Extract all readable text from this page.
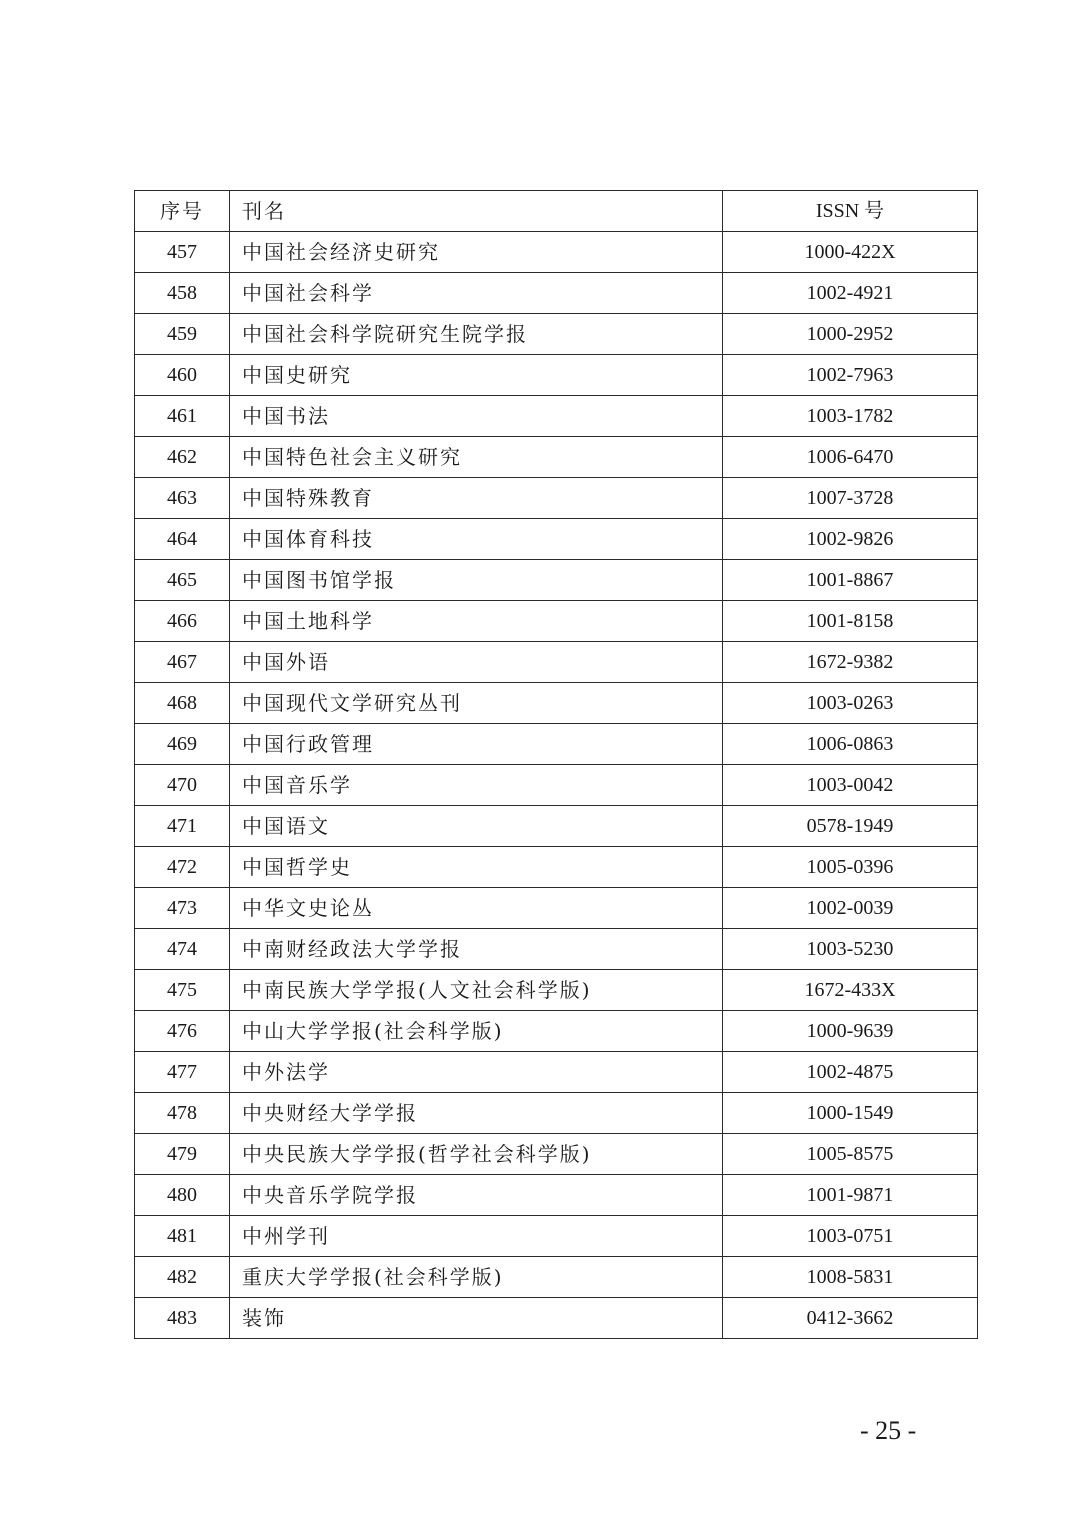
序号	刊名	ISSN 号
457	中国社会经济史研究	1000-422X
458	中国社会科学	1002-4921
459	中国社会科学院研究生院学报	1000-2952
460	中国史研究	1002-7963
461	中国书法	1003-1782
462	中国特色社会主义研究	1006-6470
463	中国特殊教育	1007-3728
464	中国体育科技	1002-9826
465	中国图书馆学报	1001-8867
466	中国土地科学	1001-8158
467	中国外语	1672-9382
468	中国现代文学研究丛刊	1003-0263
469	中国行政管理	1006-0863
470	中国音乐学	1003-0042
471	中国语文	0578-1949
472	中国哲学史	1005-0396
473	中华文史论丛	1002-0039
474	中南财经政法大学学报	1003-5230
475	中南民族大学学报(人文社会科学版)	1672-433X
476	中山大学学报(社会科学版)	1000-9639
477	中外法学	1002-4875
478	中央财经大学学报	1000-1549
479	中央民族大学学报(哲学社会科学版)	1005-8575
480	中央音乐学院学报	1001-9871
481	中州学刊	1003-0751
482	重庆大学学报(社会科学版)	1008-5831
483	装饰	0412-3662
- 25 -
